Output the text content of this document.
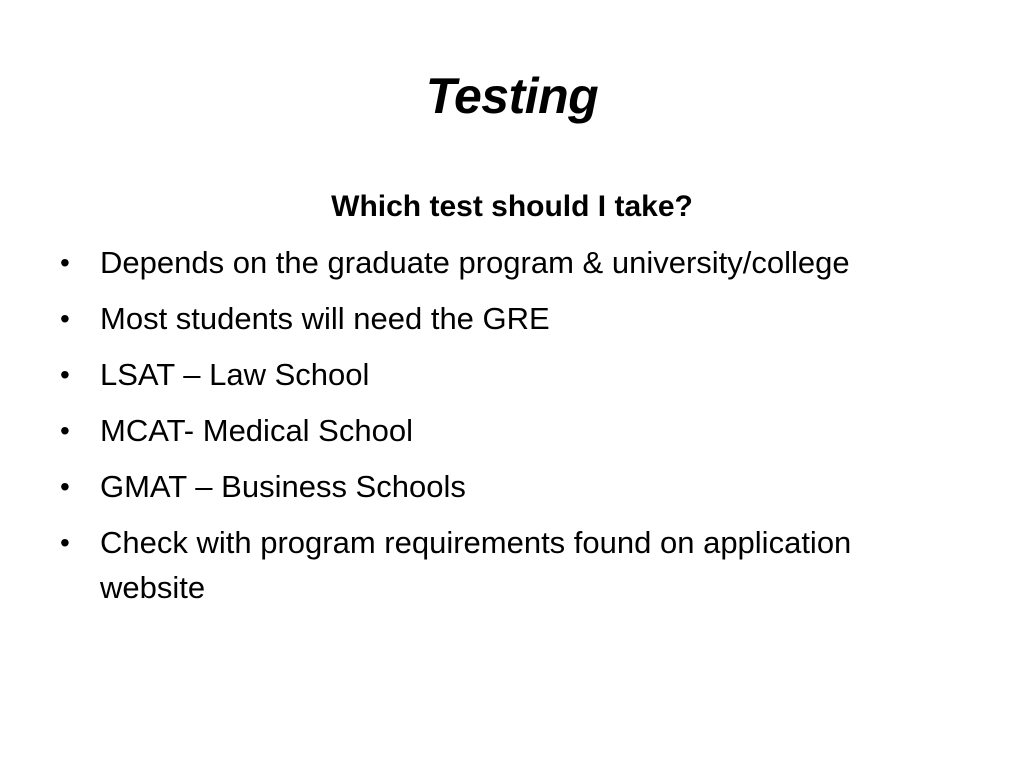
Testing

Which test should I take?

• Depends on the graduate program & university/college
• Most students will need the GRE
• LSAT – Law School
• MCAT- Medical School
• GMAT – Business Schools
• Check with program requirements found on application website
